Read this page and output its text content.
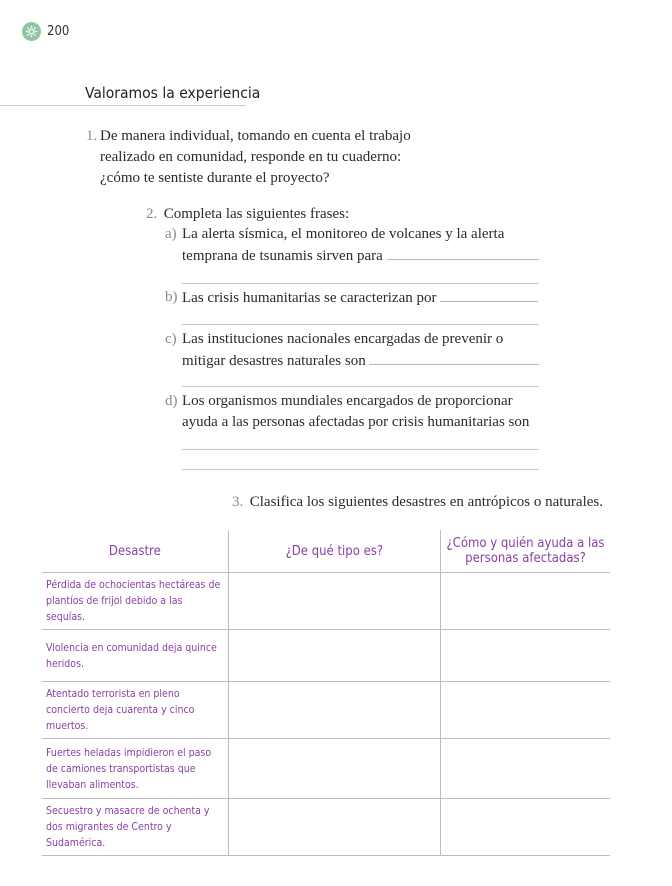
200
Valoramos la experiencia
1. De manera individual, tomando en cuenta el trabajo
realizado en comunidad, responde en tu cuaderno:
¿cómo te sentiste durante el proyecto?
2. Completa las siguientes frases:
a) La alerta sísmica, el monitoreo de volcanes y la alerta
temprana de tsunamis sirven para
b) Las crisis humanitarias se caracterizan por
c) Las instituciones nacionales encargadas de prevenir o
mitigar desastres naturales son
d) Los organismos mundiales encargados de proporcionar
ayuda a las personas afectadas por crisis humanitarias son
3. Clasifica los siguientes desastres en antrópicos o naturales.
Desastre	¿De qué tipo es?	¿Cómo y quién ayuda a las personas afectadas?
Pérdida de ochocientas hectáreas de plantíos de frijol debido a las sequías.		
Violencia en comunidad deja quince heridos.		
Atentado terrorista en pleno concierto deja cuarenta y cinco muertos.		
Fuertes heladas impidieron el paso de camiones transportistas que llevaban alimentos.		
Secuestro y masacre de ochenta y dos migrantes de Centro y Sudamérica.		
